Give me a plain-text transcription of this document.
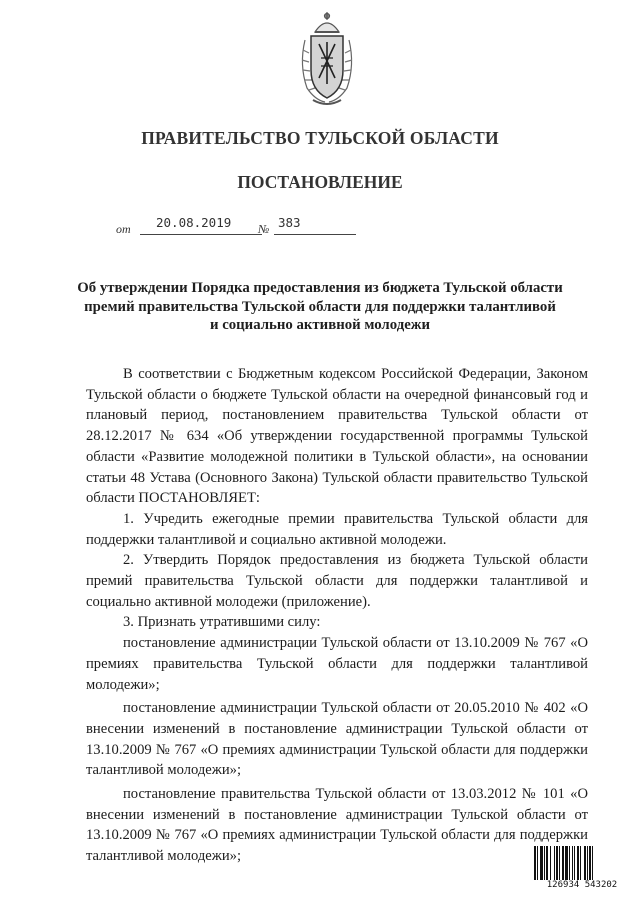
ПРАВИТЕЛЬСТВО ТУЛЬСКОЙ ОБЛАСТИ
ПОСТАНОВЛЕНИЕ
от 20.08.2019 № 383
Об утверждении Порядка предоставления из бюджета Тульской области
премий правительства Тульской области для поддержки талантливой
и социально активной молодежи

В соответствии с Бюджетным кодексом Российской Федерации, Законом Тульской области о бюджете Тульской области на очередной финансовый год и плановый период, постановлением правительства Тульской области от 28.12.2017 № 634 «Об утверждении государственной программы Тульской области «Развитие молодежной политики в Тульской области», на основании статьи 48 Устава (Основного Закона) Тульской области правительство Тульской области ПОСТАНОВЛЯЕТ:

1. Учредить ежегодные премии правительства Тульской области для поддержки талантливой и социально активной молодежи.

2. Утвердить Порядок предоставления из бюджета Тульской области премий правительства Тульской области для поддержки талантливой и социально активной молодежи (приложение).

3. Признать утратившими силу:

постановление администрации Тульской области от 13.10.2009 № 767 «О премиях правительства Тульской области для поддержки талантливой молодежи»;

постановление администрации Тульской области от 20.05.2010 № 402 «О внесении изменений в постановление администрации Тульской области от 13.10.2009 № 767 «О премиях администрации Тульской области для поддержки талантливой молодежи»;

постановление правительства Тульской области от 13.03.2012 № 101 «О внесении изменений в постановление администрации Тульской области от 13.10.2009 № 767 «О премиях администрации Тульской области для поддержки талантливой молодежи»;

126934 543202
